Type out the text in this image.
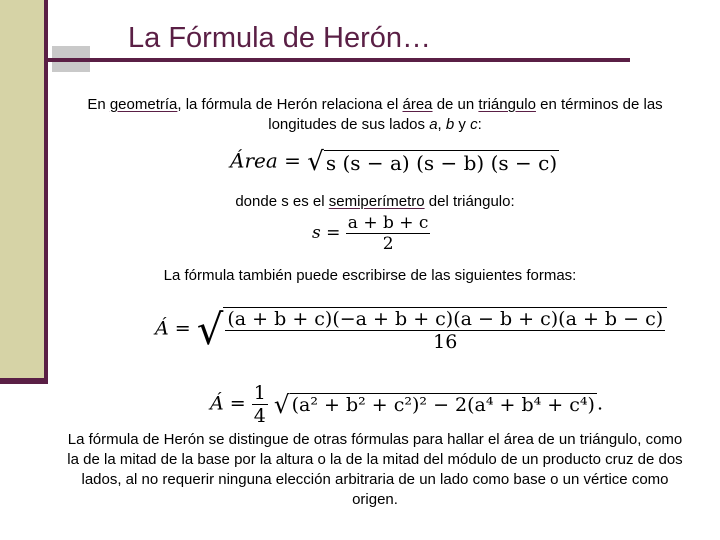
La Fórmula de Herón…
En geometría, la fórmula de Herón relaciona el área de un triángulo en términos de las longitudes de sus lados a, b y c:
Área = √ s (s − a) (s − b) (s − c)
donde s es el semiperímetro del triángulo:
$s = \frac{a + b + c}{2}$
La fórmula también puede escribirse de las siguientes formas:
Á = √ $\frac{(a + b + c)(-a + b + c)(a - b + c)(a + b - c)}{16}$
Á = $\frac{1}{4}$ √ (a² + b² + c²)² − 2(a⁴ + b⁴ + c⁴) .
La fórmula de Herón se distingue de otras fórmulas para hallar el área de un triángulo, como la de la mitad de la base por la altura o la de la mitad del módulo de un producto cruz de dos lados, al no requerir ninguna elección arbitraria de un lado como base o un vértice como origen.
